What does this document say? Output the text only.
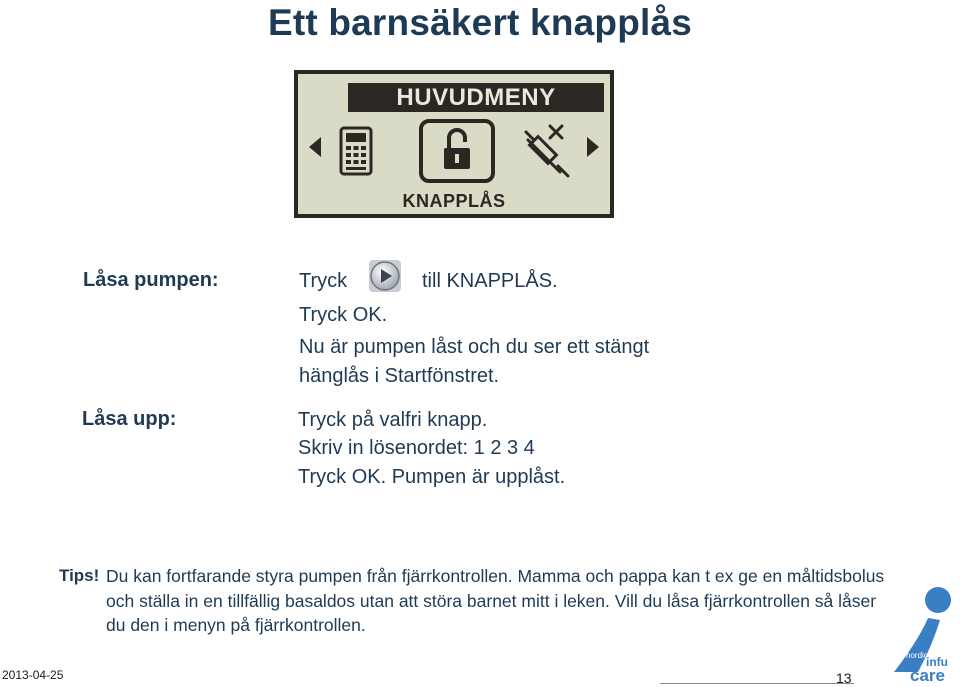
Ett barnsäkert knapplås
HUVUDMENY
KNAPPLÅS
Låsa pumpen:	Tryck	till KNAPPLÅS.
Tryck OK.
Nu är pumpen låst och du ser ett stängt
hänglås i Startfönstret.
Låsa upp:	Tryck på valfri knapp.
Skriv in lösenordet: 1 2 3 4
Tryck OK. Pumpen är upplåst.
Tips! Du kan fortfarande styra pumpen från fjärrkontrollen. Mamma och pappa kan t ex ge en måltidsbolus och ställa in en tillfällig basaldos utan att störa barnet mitt i leken. Vill du låsa fjärrkontrollen så låser du den i menyn på fjärrkontrollen.
2013-04-25	13
nordic
infu
care
